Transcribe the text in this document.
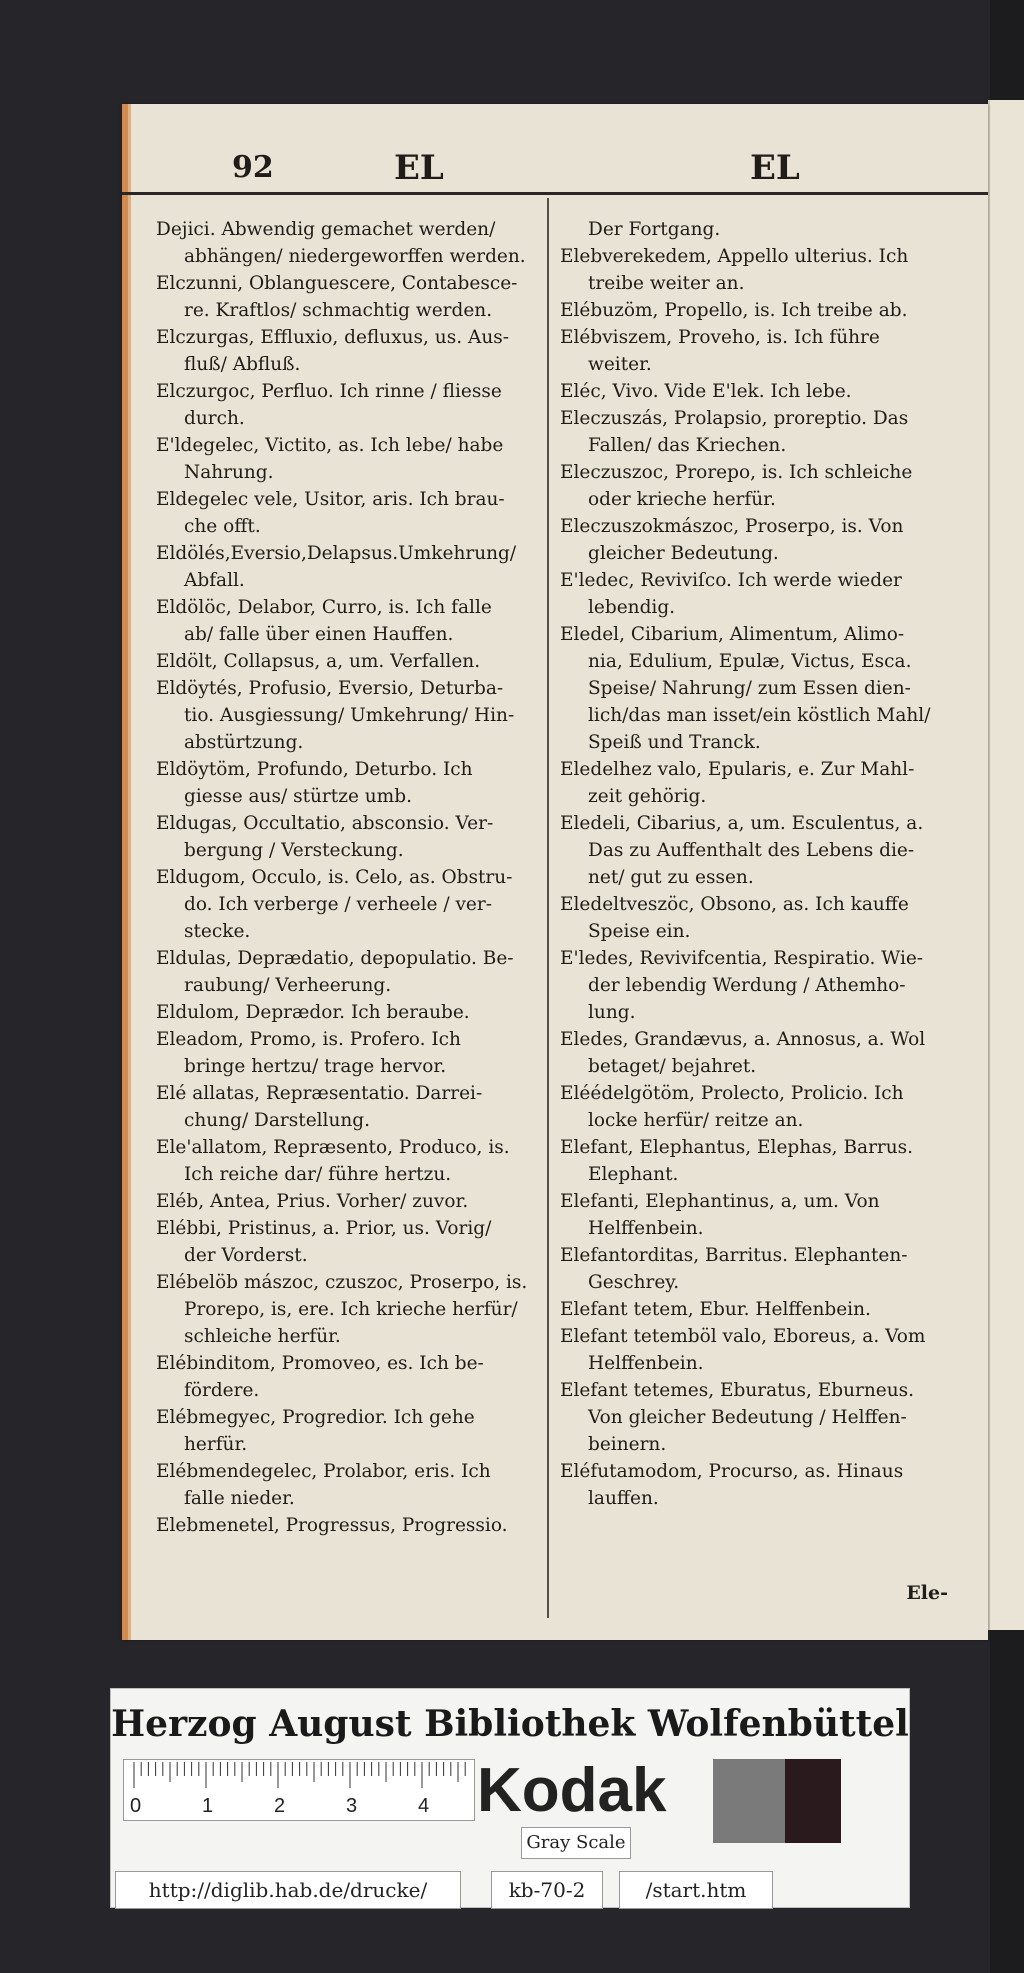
92	EL	EL
Dejici. Abwendig gemachet werden/
abhängen/ niedergeworffen werden.
Elczunni, Oblanguescere, Contabesce-
re. Kraftlos/ schmachtig werden.
Elczurgas, Effluxio, defluxus, us. Aus-
fluß/ Abfluß.
Elczurgoc, Perfluo. Ich rinne / fliesse
durch.
E'ldegelec, Victito, as. Ich lebe/ habe
Nahrung.
Eldegelec vele, Usitor, aris. Ich brau-
che offt.
Eldölés,Eversio,Delapsus.Umkehrung/
Abfall.
Eldölöc, Delabor, Curro, is. Ich falle
ab/ falle über einen Hauffen.
Eldölt, Collapsus, a, um. Verfallen.
Eldöytés, Profusio, Eversio, Deturba-
tio. Ausgiessung/ Umkehrung/ Hin-
abstürtzung.
Eldöytöm, Profundo, Deturbo. Ich
giesse aus/ stürtze umb.
Eldugas, Occultatio, absconsio. Ver-
bergung / Versteckung.
Eldugom, Occulo, is. Celo, as. Obstru-
do. Ich verberge / verheele / ver-
stecke.
Eldulas, Deprædatio, depopulatio. Be-
raubung/ Verheerung.
Eldulom, Deprædor. Ich beraube.
Eleadom, Promo, is. Profero. Ich
bringe hertzu/ trage hervor.
Elé allatas, Repræsentatio. Darrei-
chung/ Darstellung.
Ele'allatom, Repræsento, Produco, is.
Ich reiche dar/ führe hertzu.
Eléb, Antea, Prius. Vorher/ zuvor.
Elébbi, Pristinus, a. Prior, us. Vorig/
der Vorderst.
Elébelöb mászoc, czuszoc, Proserpo, is.
Prorepo, is, ere. Ich krieche herfür/
schleiche herfür.
Elébinditom, Promoveo, es. Ich be-
fördere.
Elébmegyec, Progredior. Ich gehe
herfür.
Elébmendegelec, Prolabor, eris. Ich
falle nieder.
Elebmenetel, Progressus, Progressio.
Der Fortgang.
Elebverekedem, Appello ulterius. Ich
treibe weiter an.
Elébuzöm, Propello, is. Ich treibe ab.
Elébviszem, Proveho, is. Ich führe
weiter.
Eléc, Vivo. Vide E'lek. Ich lebe.
Eleczuszás, Prolapsio, proreptio. Das
Fallen/ das Kriechen.
Eleczuszoc, Prorepo, is. Ich schleiche
oder krieche herfür.
Eleczuszokmászoc, Proserpo, is. Von
gleicher Bedeutung.
E'ledec, Reviviſco. Ich werde wieder
lebendig.
Eledel, Cibarium, Alimentum, Alimo-
nia, Edulium, Epulæ, Victus, Esca.
Speise/ Nahrung/ zum Essen dien-
lich/das man isset/ein köstlich Mahl/
Speiß und Tranck.
Eledelhez valo, Epularis, e. Zur Mahl-
zeit gehörig.
Eledeli, Cibarius, a, um. Esculentus, a.
Das zu Auffenthalt des Lebens die-
net/ gut zu essen.
Eledeltveszöc, Obsono, as. Ich kauffe
Speise ein.
E'ledes, Revivifcentia, Respiratio. Wie-
der lebendig Werdung / Athemho-
lung.
Eledes, Grandævus, a. Annosus, a. Wol
betaget/ bejahret.
Eléédelgötöm, Prolecto, Prolicio. Ich
locke herfür/ reitze an.
Elefant, Elephantus, Elephas, Barrus.
Elephant.
Elefanti, Elephantinus, a, um. Von
Helffenbein.
Elefantorditas, Barritus. Elephanten-
Geschrey.
Elefant tetem, Ebur. Helffenbein.
Elefant tetemböl valo, Eboreus, a. Vom
Helffenbein.
Elefant tetemes, Eburatus, Eburneus.
Von gleicher Bedeutung / Helffen-
beinern.
Eléfutamodom, Procurso, as. Hinaus
lauffen.
Ele-
Herzog August Bibliothek Wolfenbüttel
0	1	2	3	4 Kodak
Gray Scale
http://diglib.hab.de/drucke/	kb-70-2	/start.htm
